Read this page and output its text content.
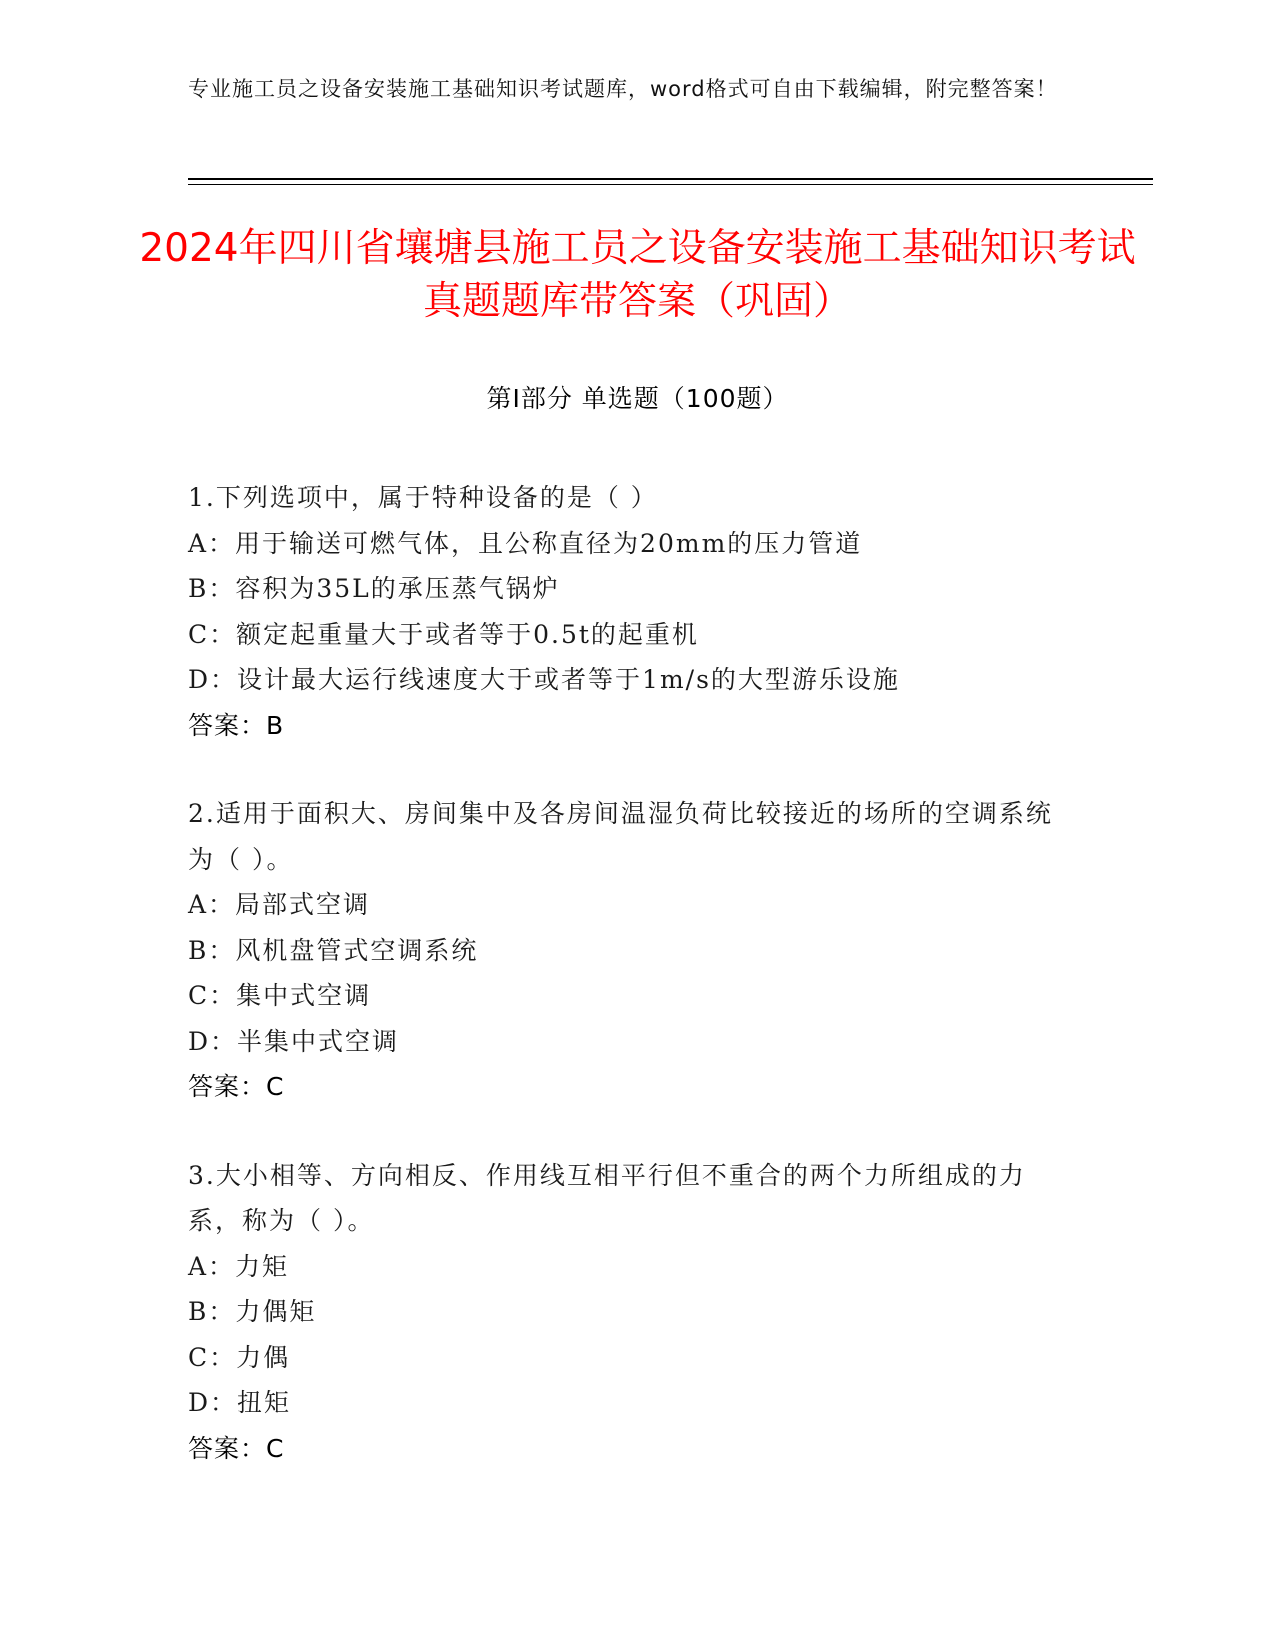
专业施工员之设备安装施工基础知识考试题库，word格式可自由下载编辑，附完整答案！
2024年四川省壤塘县施工员之设备安装施工基础知识考试真题题库带答案（巩固）
第I部分 单选题（100题）
1.下列选项中，属于特种设备的是（ ）
A：用于输送可燃气体，且公称直径为20mm的压力管道
B：容积为35L的承压蒸气锅炉
C：额定起重量大于或者等于0.5t的起重机
D：设计最大运行线速度大于或者等于1m/s的大型游乐设施
答案：B
2.适用于面积大、房间集中及各房间温湿负荷比较接近的场所的空调系统为（ ）。
A：局部式空调
B：风机盘管式空调系统
C：集中式空调
D：半集中式空调
答案：C
3.大小相等、方向相反、作用线互相平行但不重合的两个力所组成的力系，称为（ ）。
A：力矩
B：力偶矩
C：力偶
D：扭矩
答案：C
